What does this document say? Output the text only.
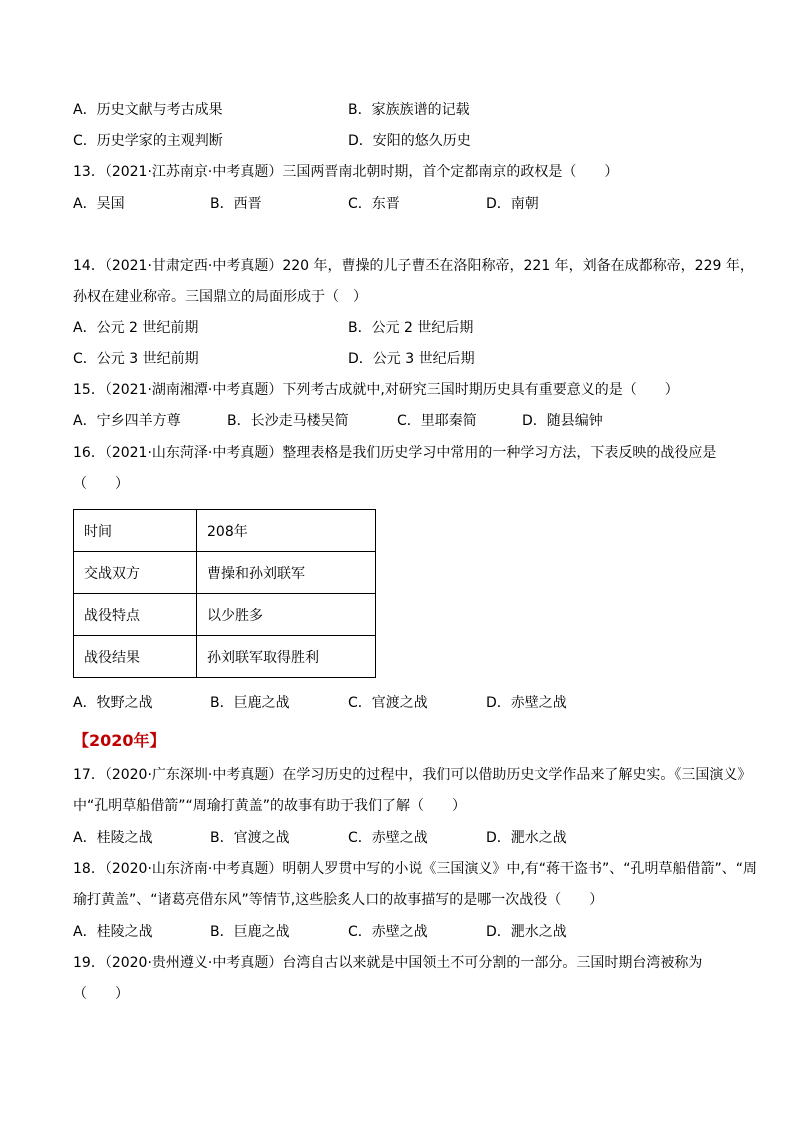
A．历史文献与考古成果	B．家族族谱的记载
C．历史学家的主观判断	D．安阳的悠久历史
13．（2021·江苏南京·中考真题）三国两晋南北朝时期，首个定都南京的政权是（　　）
A．吴国	B．西晋	C．东晋	D．南朝
14．（2021·甘肃定西·中考真题）220 年，曹操的儿子曹丕在洛阳称帝，221 年，刘备在成都称帝，229 年，
孙权在建业称帝。三国鼎立的局面形成于（　）
A．公元 2 世纪前期	B．公元 2 世纪后期
C．公元 3 世纪前期	D．公元 3 世纪后期
15．（2021·湖南湘潭·中考真题）下列考古成就中,对研究三国时期历史具有重要意义的是（　　）
A．宁乡四羊方尊	B．长沙走马楼吴简	C．里耶秦简	D．随县编钟
16．（2021·山东菏泽·中考真题）整理表格是我们历史学习中常用的一种学习方法，下表反映的战役应是
（　　）
时间	208年
交战双方	曹操和孙刘联军
战役特点	以少胜多
战役结果	孙刘联军取得胜利
A．牧野之战	B．巨鹿之战	C．官渡之战	D．赤壁之战
【2020年】
17．（2020·广东深圳·中考真题）在学习历史的过程中，我们可以借助历史文学作品来了解史实。《三国演义》
中“孔明草船借箭”“周瑜打黄盖”的故事有助于我们了解（　　）
A．桂陵之战	B．官渡之战	C．赤壁之战	D．淝水之战
18．（2020·山东济南·中考真题）明朝人罗贯中写的小说《三国演义》中,有“蒋干盗书”、“孔明草船借箭”、“周
瑜打黄盖”、“诸葛亮借东风”等情节,这些脍炙人口的故事描写的是哪一次战役（　　）
A．桂陵之战	B．巨鹿之战	C．赤壁之战	D．淝水之战
19．（2020·贵州遵义·中考真题）台湾自古以来就是中国领土不可分割的一部分。三国时期台湾被称为
（　　）
